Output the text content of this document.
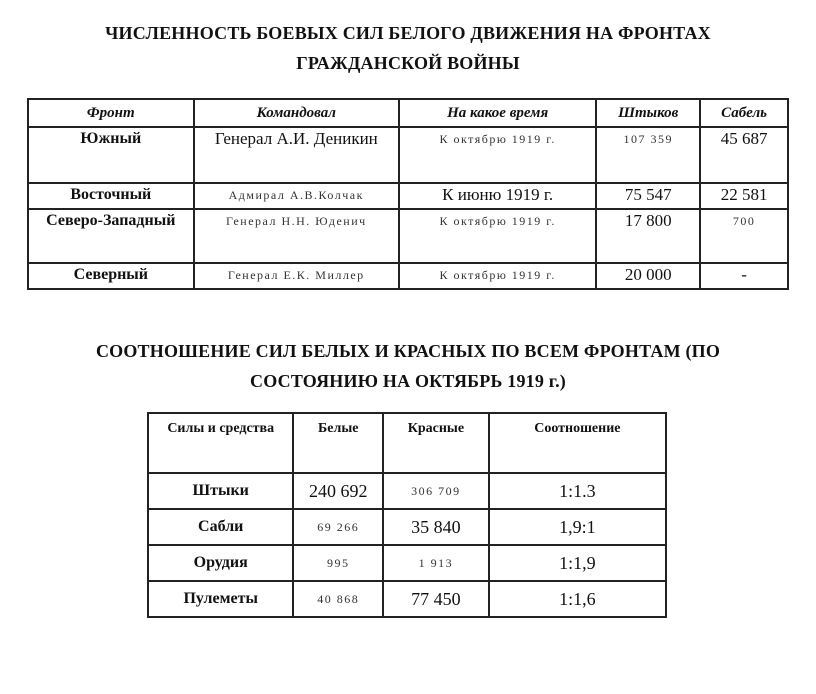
ЧИСЛЕННОСТЬ БОЕВЫХ СИЛ БЕЛОГО ДВИЖЕНИЯ НА ФРОНТАХ
ГРАЖДАНСКОЙ ВОЙНЫ
Фронт	Командовал	На какое время	Штыков	Сабель
Южный	Генерал А.И. Деникин	К октябрю 1919 г.	107 359	45 687
Восточный	Адмирал А.В.Колчак	К июню 1919 г.	75 547	22 581
Северо-Западный	Генерал Н.Н. Юденич	К октябрю 1919 г.	17 800	700
Северный	Генерал Е.К. Миллер	К октябрю 1919 г.	20 000	-
СООТНОШЕНИЕ СИЛ БЕЛЫХ И КРАСНЫХ ПО ВСЕМ ФРОНТАМ (ПО
СОСТОЯНИЮ НА ОКТЯБРЬ 1919 г.)
Силы и средства	Белые	Красные	Соотношение
Штыки	240 692	306 709	1:1.3
Сабли	69 266	35 840	1,9:1
Орудия	995	1 913	1:1,9
Пулеметы	40 868	77 450	1:1,6
